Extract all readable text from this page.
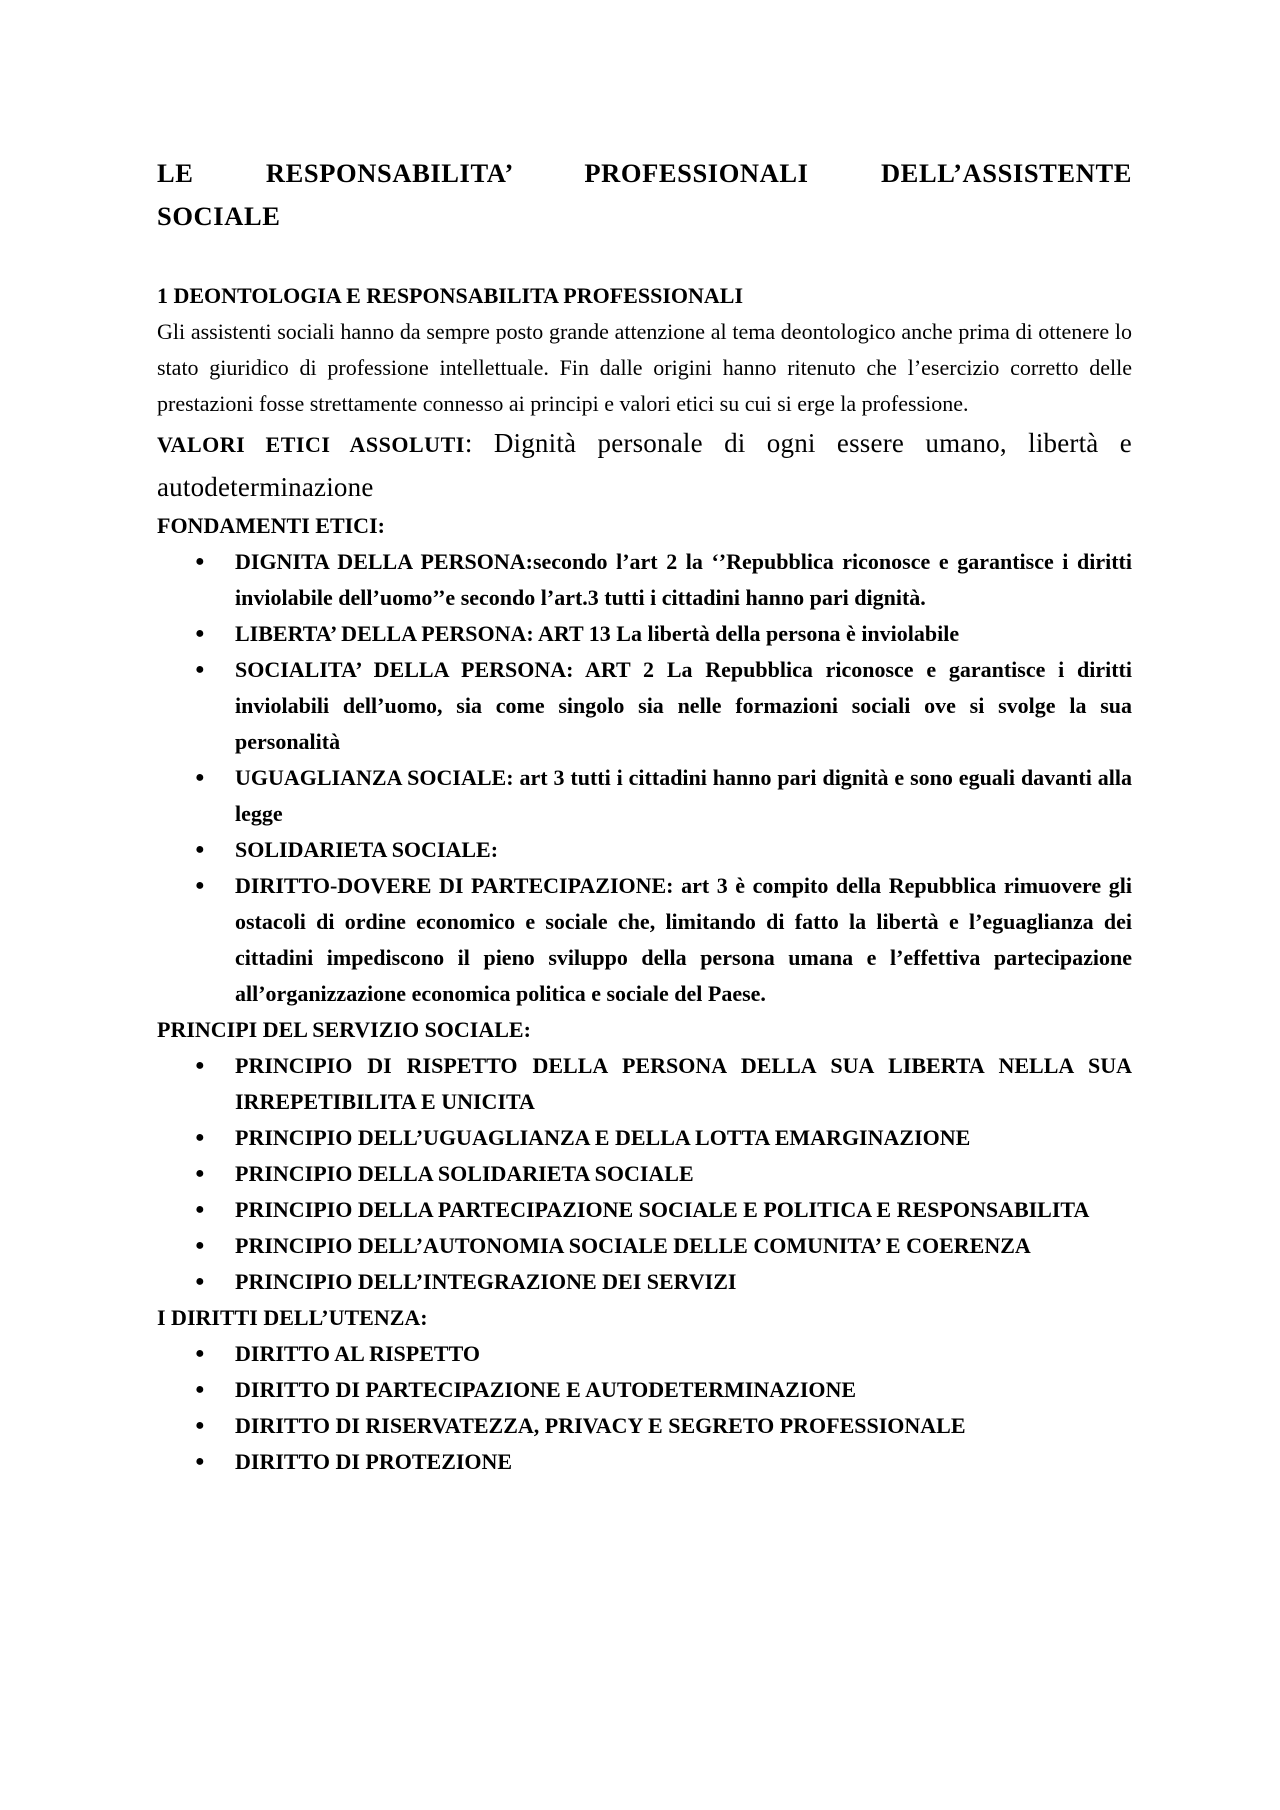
LE RESPONSABILITA’ PROFESSIONALI DELL’ASSISTENTE
SOCIALE

1 DEONTOLOGIA E RESPONSABILITA PROFESSIONALI

Gli assistenti sociali hanno da sempre posto grande attenzione al tema deontologico anche prima di ottenere lo stato giuridico di professione intellettuale. Fin dalle origini hanno ritenuto che l’esercizio corretto delle prestazioni fosse strettamente connesso ai principi e valori etici su cui si erge la professione.

VALORI ETICI ASSOLUTI: Dignità personale di ogni essere umano, libertà e autodeterminazione

FONDAMENTI ETICI:

● DIGNITA DELLA PERSONA:secondo l’art 2 la ‘’Repubblica riconosce e garantisce i diritti inviolabile dell’uomo’’e secondo l’art.3 tutti i cittadini hanno pari dignità.
● LIBERTA’ DELLA PERSONA: ART 13 La libertà della persona è inviolabile
● SOCIALITA’ DELLA PERSONA: ART 2 La Repubblica riconosce e garantisce i diritti inviolabili dell’uomo, sia come singolo sia nelle formazioni sociali ove si svolge la sua personalità
● UGUAGLIANZA SOCIALE: art 3 tutti i cittadini hanno pari dignità e sono eguali davanti alla legge
● SOLIDARIETA SOCIALE:
● DIRITTO-DOVERE DI PARTECIPAZIONE: art 3 è compito della Repubblica rimuovere gli ostacoli di ordine economico e sociale che, limitando di fatto la libertà e l’eguaglianza dei cittadini impediscono il pieno sviluppo della persona umana e l’effettiva partecipazione all’organizzazione economica politica e sociale del Paese.

PRINCIPI DEL SERVIZIO SOCIALE:

● PRINCIPIO DI RISPETTO DELLA PERSONA DELLA SUA LIBERTA NELLA SUA IRREPETIBILITA E UNICITA
● PRINCIPIO DELL’UGUAGLIANZA E DELLA LOTTA EMARGINAZIONE
● PRINCIPIO DELLA SOLIDARIETA SOCIALE
● PRINCIPIO DELLA PARTECIPAZIONE SOCIALE E POLITICA E RESPONSABILITA
● PRINCIPIO DELL’AUTONOMIA SOCIALE DELLE COMUNITA’ E COERENZA
● PRINCIPIO DELL’INTEGRAZIONE DEI SERVIZI

I DIRITTI DELL’UTENZA:

● DIRITTO AL RISPETTO
● DIRITTO DI PARTECIPAZIONE E AUTODETERMINAZIONE
● DIRITTO DI RISERVATEZZA, PRIVACY E SEGRETO PROFESSIONALE
● DIRITTO DI PROTEZIONE
